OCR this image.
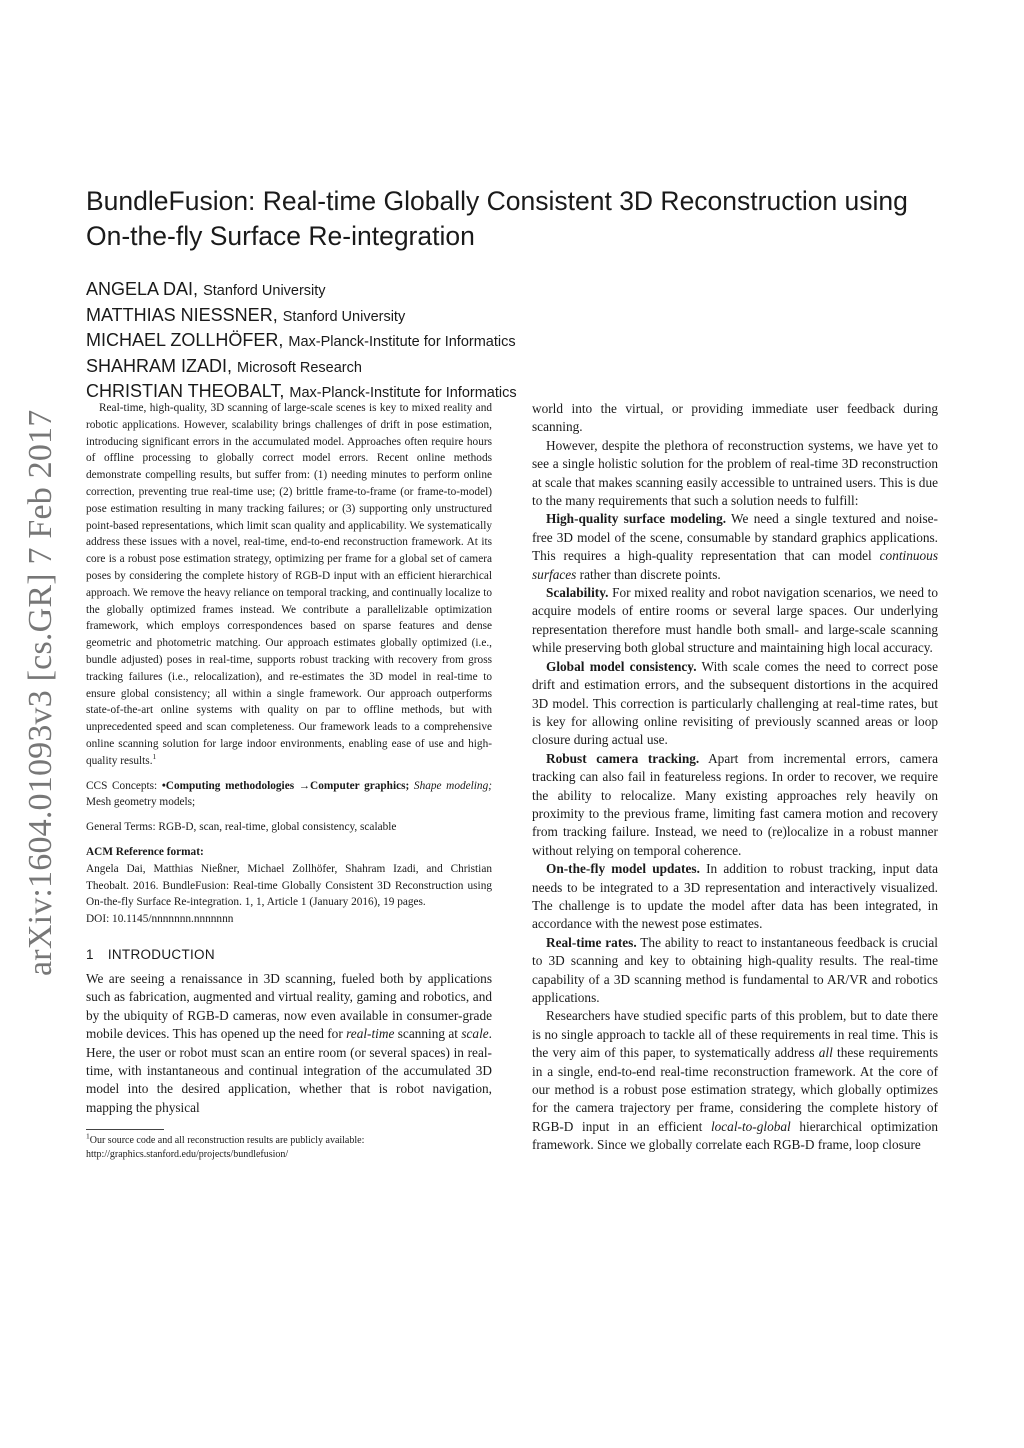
arXiv:1604.01093v3 [cs.GR] 7 Feb 2017
BundleFusion: Real-time Globally Consistent 3D Reconstruction using
On-the-fly Surface Re-integration
ANGELA DAI, Stanford University
MATTHIAS NIESSNER, Stanford University
MICHAEL ZOLLHÖFER, Max-Planck-Institute for Informatics
SHAHRAM IZADI, Microsoft Research
CHRISTIAN THEOBALT, Max-Planck-Institute for Informatics

Real-time, high-quality, 3D scanning of large-scale scenes is key to mixed reality and robotic applications. However, scalability brings challenges of drift in pose estimation, introducing significant errors in the accumulated model. Approaches often require hours of offline processing to globally correct model errors. Recent online methods demonstrate compelling results, but suffer from: (1) needing minutes to perform online correction, preventing true real-time use; (2) brittle frame-to-frame (or frame-to-model) pose estimation resulting in many tracking failures; or (3) supporting only unstructured point-based representations, which limit scan quality and applicability. We systematically address these issues with a novel, real-time, end-to-end reconstruction framework. At its core is a robust pose estimation strategy, optimizing per frame for a global set of camera poses by considering the complete history of RGB-D input with an efficient hierarchical approach. We remove the heavy reliance on temporal tracking, and continually localize to the globally optimized frames instead. We contribute a parallelizable optimization framework, which employs correspondences based on sparse features and dense geometric and photometric matching. Our approach estimates globally optimized (i.e., bundle adjusted) poses in real-time, supports robust tracking with recovery from gross tracking failures (i.e., relocalization), and re-estimates the 3D model in real-time to ensure global consistency; all within a single framework. Our approach outperforms state-of-the-art online systems with quality on par to offline methods, but with unprecedented speed and scan completeness. Our framework leads to a comprehensive online scanning solution for large indoor environments, enabling ease of use and high-quality results.$^1$

CCS Concepts: •Computing methodologies →Computer graphics; Shape modeling; Mesh geometry models;

General Terms: RGB-D, scan, real-time, global consistency, scalable

ACM Reference format:
Angela Dai, Matthias Nießner, Michael Zollhöfer, Shahram Izadi, and Christian Theobalt. 2016. BundleFusion: Real-time Globally Consistent 3D Reconstruction using On-the-fly Surface Re-integration. 1, 1, Article 1 (January 2016), 19 pages.
DOI: 10.1145/nnnnnnn.nnnnnnn

1 INTRODUCTION

We are seeing a renaissance in 3D scanning, fueled both by applications such as fabrication, augmented and virtual reality, gaming and robotics, and by the ubiquity of RGB-D cameras, now even available in consumer-grade mobile devices. This has opened up the need for real-time scanning at scale. Here, the user or robot must scan an entire room (or several spaces) in real-time, with instantaneous and continual integration of the accumulated 3D model into the desired application, whether that is robot navigation, mapping the physical

$^1$Our source code and all reconstruction results are publicly available:
http://graphics.stanford.edu/projects/bundlefusion/

world into the virtual, or providing immediate user feedback during scanning.

However, despite the plethora of reconstruction systems, we have yet to see a single holistic solution for the problem of real-time 3D reconstruction at scale that makes scanning easily accessible to untrained users. This is due to the many requirements that such a solution needs to fulfill:

High-quality surface modeling. We need a single textured and noise-free 3D model of the scene, consumable by standard graphics applications. This requires a high-quality representation that can model continuous surfaces rather than discrete points.

Scalability. For mixed reality and robot navigation scenarios, we need to acquire models of entire rooms or several large spaces. Our underlying representation therefore must handle both small- and large-scale scanning while preserving both global structure and maintaining high local accuracy.

Global model consistency. With scale comes the need to correct pose drift and estimation errors, and the subsequent distortions in the acquired 3D model. This correction is particularly challenging at real-time rates, but is key for allowing online revisiting of previously scanned areas or loop closure during actual use.

Robust camera tracking. Apart from incremental errors, camera tracking can also fail in featureless regions. In order to recover, we require the ability to relocalize. Many existing approaches rely heavily on proximity to the previous frame, limiting fast camera motion and recovery from tracking failure. Instead, we need to (re)localize in a robust manner without relying on temporal coherence.

On-the-fly model updates. In addition to robust tracking, input data needs to be integrated to a 3D representation and interactively visualized. The challenge is to update the model after data has been integrated, in accordance with the newest pose estimates.

Real-time rates. The ability to react to instantaneous feedback is crucial to 3D scanning and key to obtaining high-quality results. The real-time capability of a 3D scanning method is fundamental to AR/VR and robotics applications.

Researchers have studied specific parts of this problem, but to date there is no single approach to tackle all of these requirements in real time. This is the very aim of this paper, to systematically address all these requirements in a single, end-to-end real-time reconstruction framework. At the core of our method is a robust pose estimation strategy, which globally optimizes for the camera trajectory per frame, considering the complete history of RGB-D input in an efficient local-to-global hierarchical optimization framework. Since we globally correlate each RGB-D frame, loop closure
